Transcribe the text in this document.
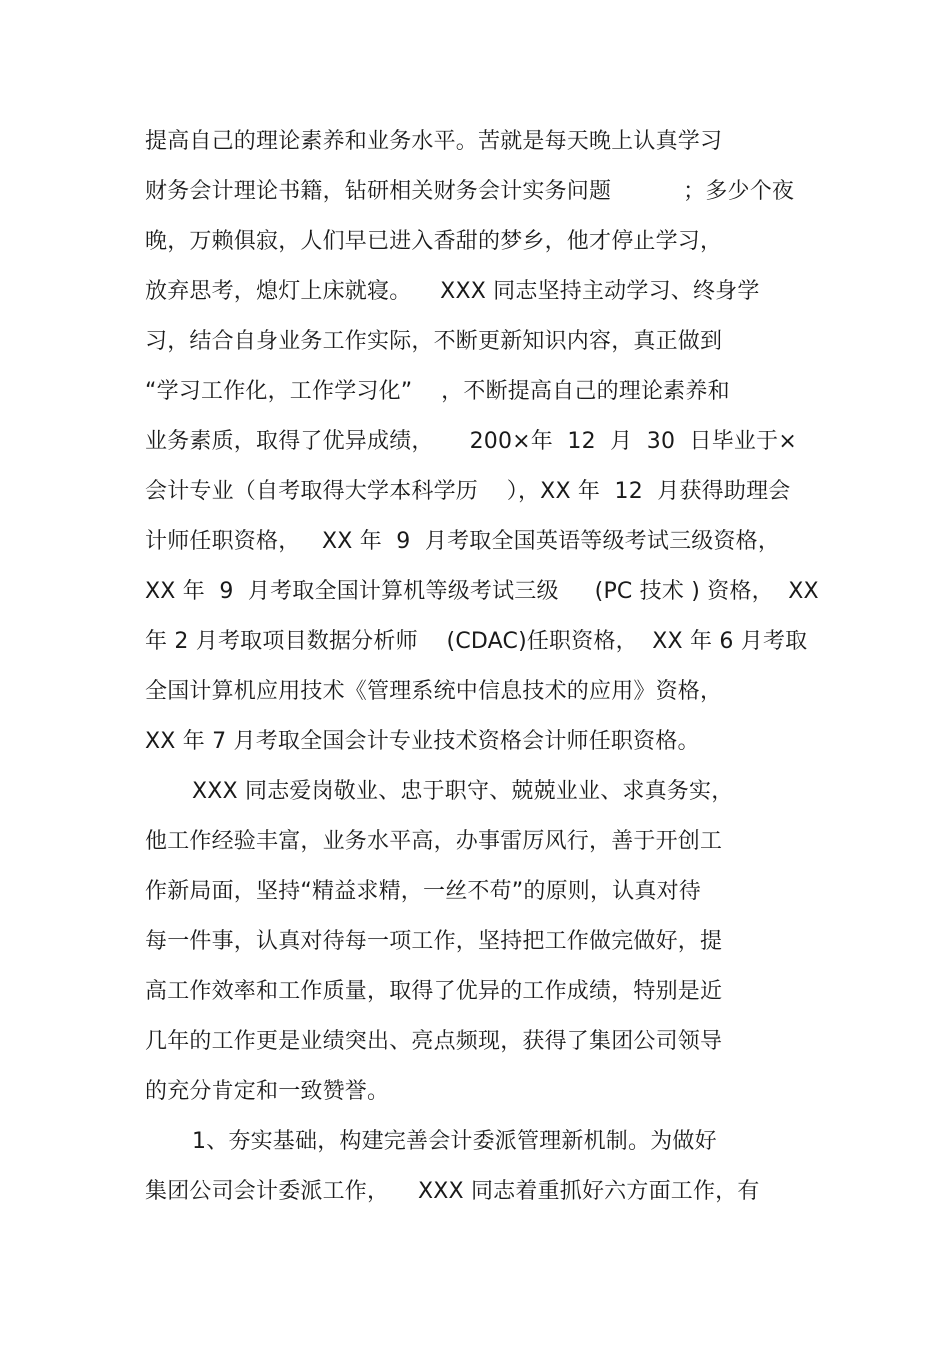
提高自己的理论素养和业务水平。苦就是每天晚上认真学习
财务会计理论书籍，钻研相关财务会计实务问题          ；多少个夜
晚，万赖俱寂，人们早已进入香甜的梦乡，他才停止学习，
放弃思考，熄灯上床就寝。    XXX 同志坚持主动学习、终身学
习，结合自身业务工作实际，不断更新知识内容，真正做到
“学习工作化，工作学习化”    ，不断提高自己的理论素养和
业务素质，取得了优异成绩，     200×年  12  月  30  日毕业于×
会计专业（自考取得大学本科学历    ），XX 年  12  月获得助理会
计师任职资格，   XX 年  9  月考取全国英语等级考试三级资格，
XX 年  9  月考取全国计算机等级考试三级     (PC 技术 ) 资格，  XX
年 2 月考取项目数据分析师    (CDAC)任职资格，  XX 年 6 月考取
全国计算机应用技术《管理系统中信息技术的应用》资格，
XX 年 7 月考取全国会计专业技术资格会计师任职资格。
XXX 同志爱岗敬业、忠于职守、兢兢业业、求真务实，
他工作经验丰富，业务水平高，办事雷厉风行，善于开创工
作新局面，坚持“精益求精，一丝不苟”的原则，认真对待
每一件事，认真对待每一项工作，坚持把工作做完做好，提
高工作效率和工作质量，取得了优异的工作成绩，特别是近
几年的工作更是业绩突出、亮点频现，获得了集团公司领导
的充分肯定和一致赞誉。
1、夯实基础，构建完善会计委派管理新机制。为做好
集团公司会计委派工作，    XXX 同志着重抓好六方面工作，有
